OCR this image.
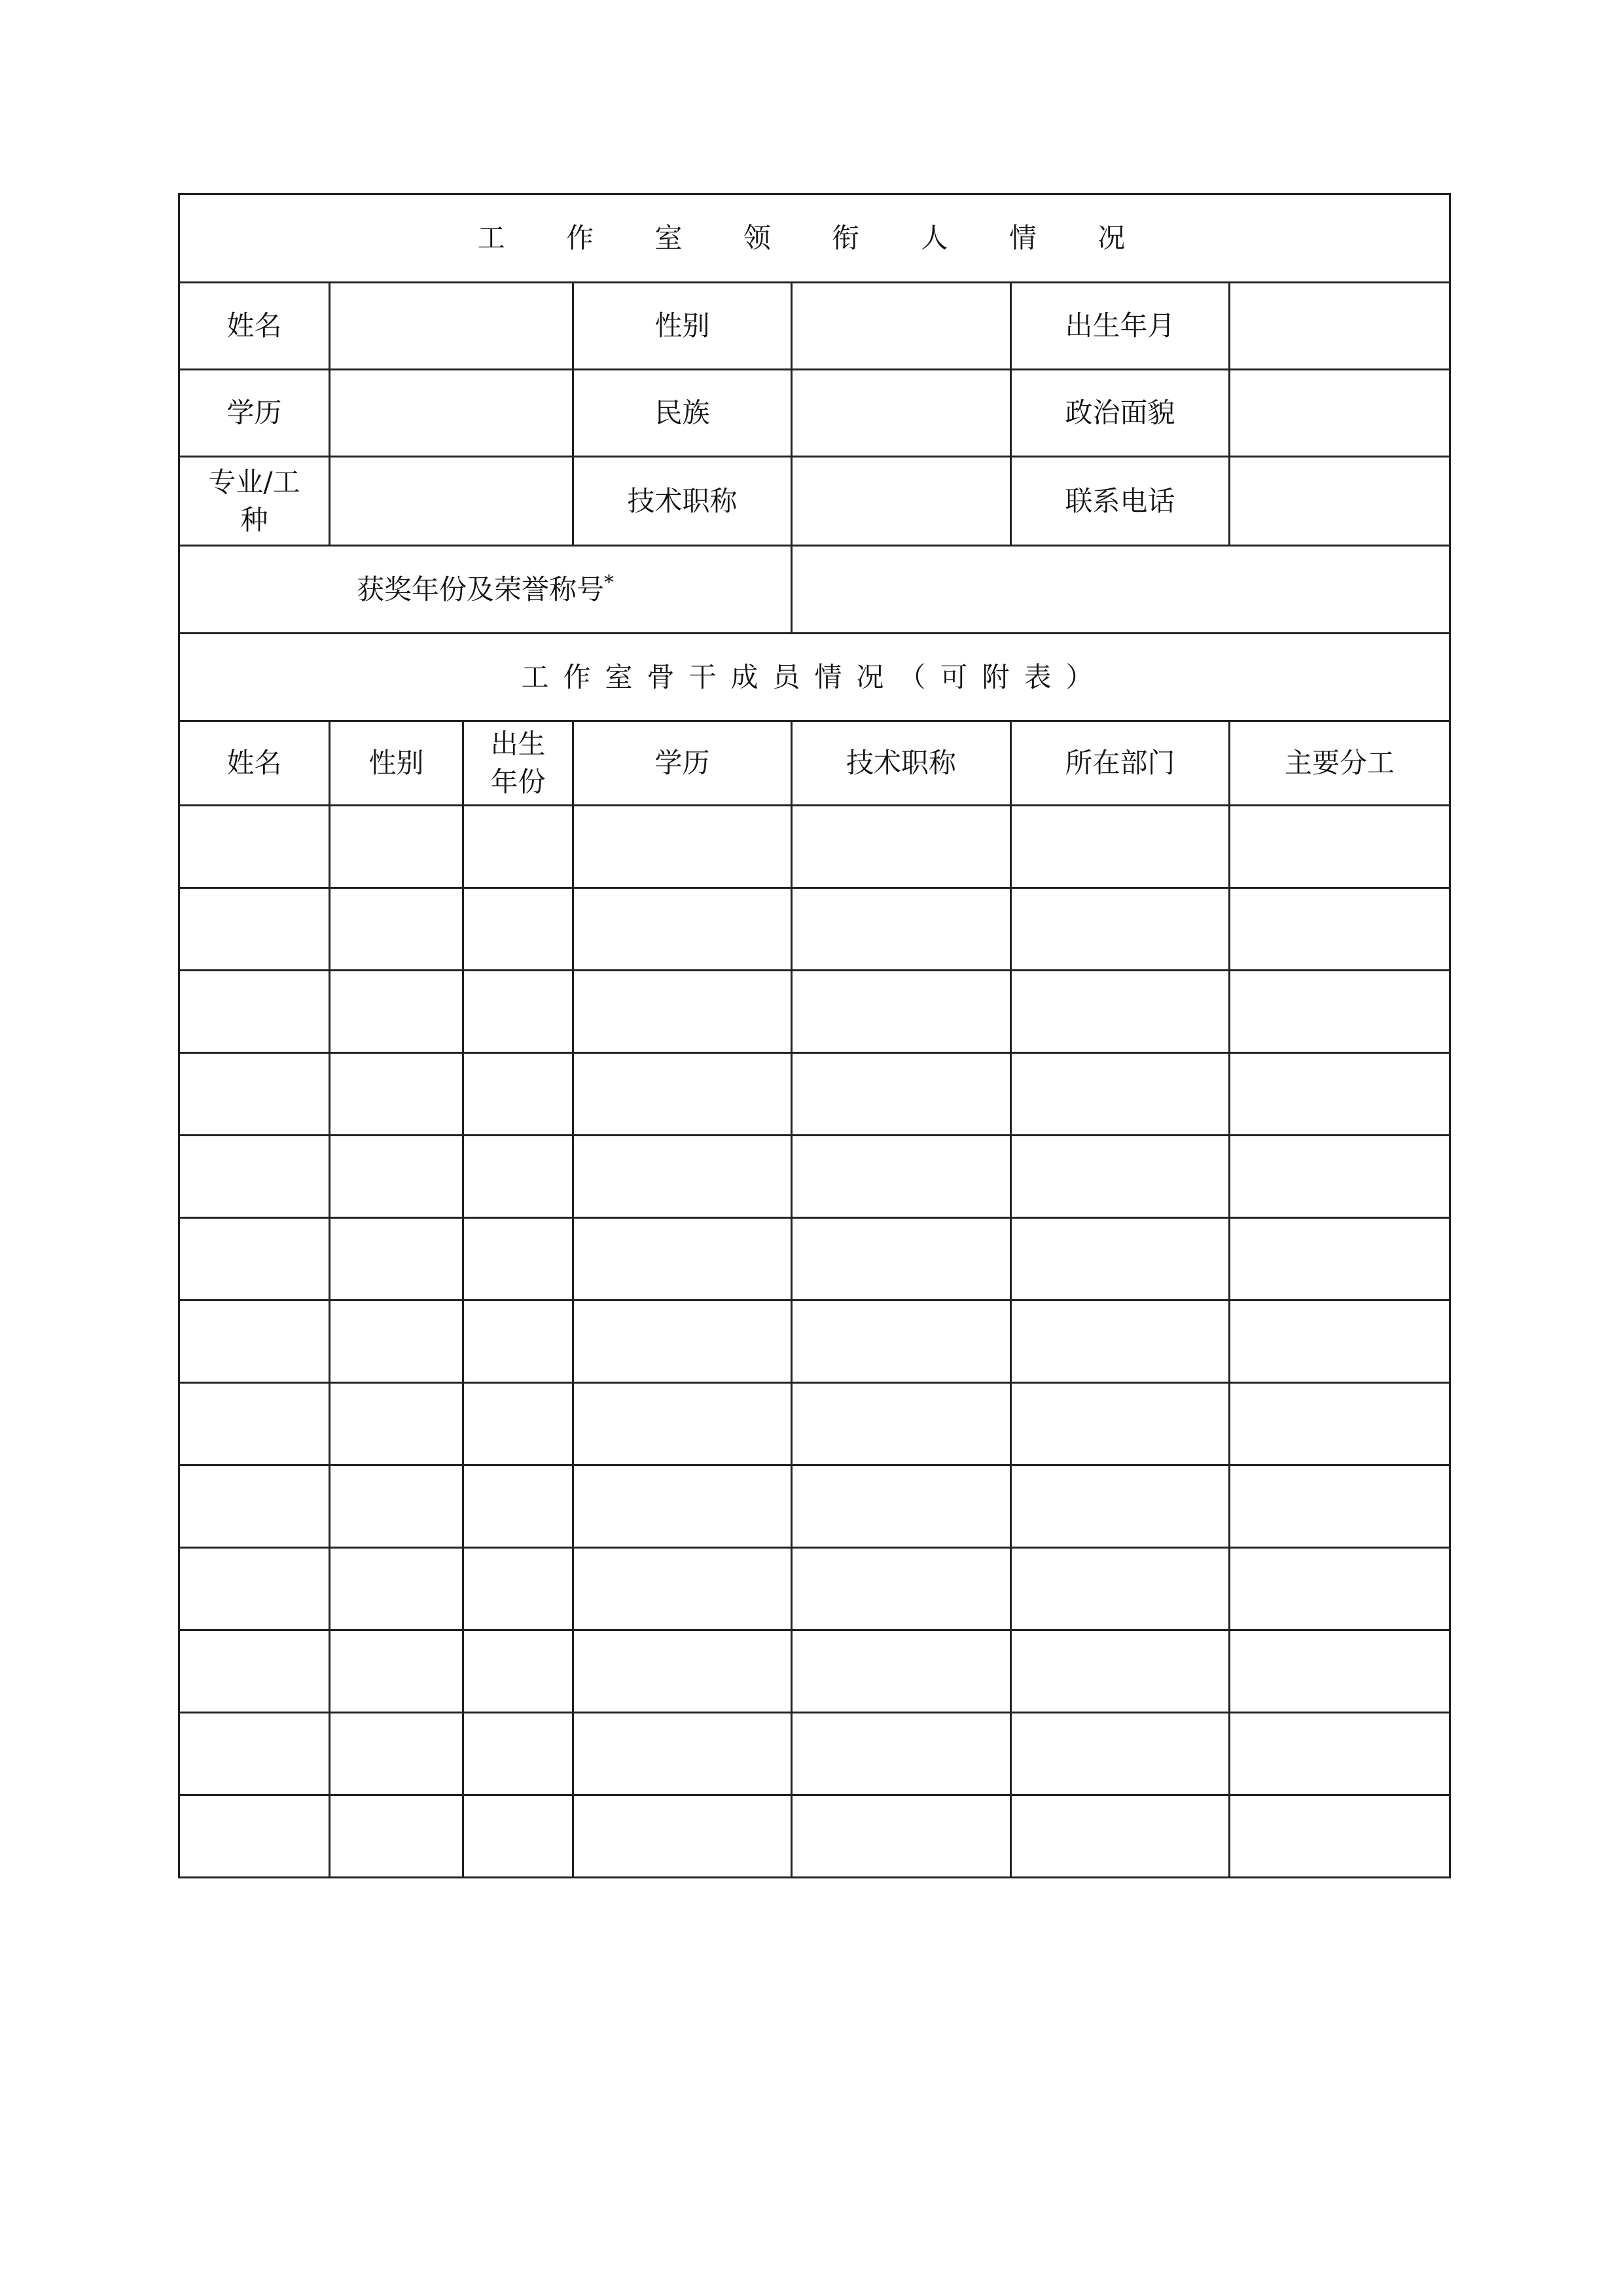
工 作 室 领 衔 人 情 况						
姓名			性别		出生年月	
学历			民族		政治面貌	
专业/工种			技术职称		联系电话	
获奖年份及荣誉称号*	
工作室骨干成员情况（可附表）						
姓名	性别	出生年份	学历	技术职称	所在部门	主要分工
